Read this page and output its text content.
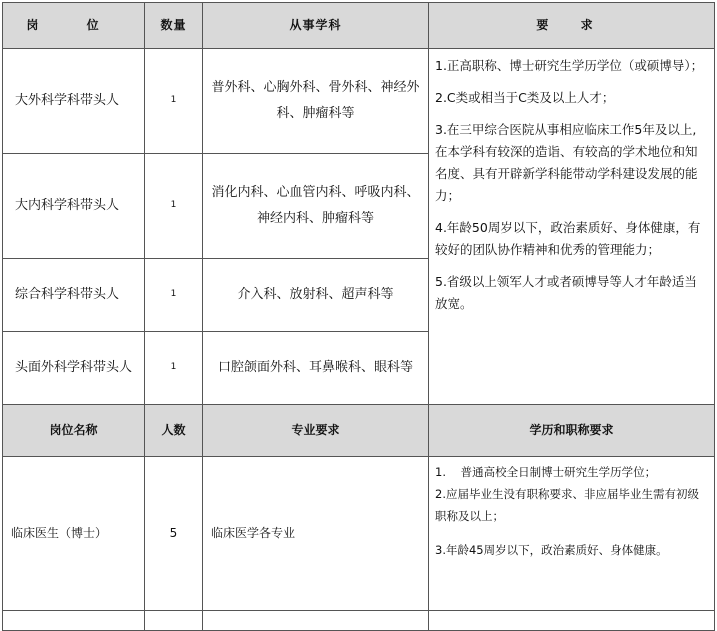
岗 位	数量	从事学科	要 求
大外科学科带头人	1	普外科、心胸外科、骨外科、神经外科、肿瘤科等	1.正高职称、博士研究生学历学位（或硕博导）；

2.C类或相当于C类及以上人才；

3.在三甲综合医院从事相应临床工作5年及以上,在本学科有较深的造诣、有较高的学术地位和知名度、具有开辟新学科能带动学科建设发展的能力；

4.年龄50周岁以下，政治素质好、身体健康，有较好的团队协作精神和优秀的管理能力；

5.省级以上领军人才或者硕博导等人才年龄适当放宽。

大内科学科带头人	1	消化内科、心血管内科、呼吸内科、神经内科、肿瘤科等	
综合科学科带头人	1	介入科、放射科、超声科等	
头面外科学科带头人	1	口腔颌面外科、耳鼻喉科、眼科等	
岗位名称	人数	专业要求	学历和职称要求
临床医生（博士）	5	临床医学各专业	1.    普通高校全日制博士研究生学历学位；

2.应届毕业生没有职称要求、非应届毕业生需有初级职称及以上；

3.年龄45周岁以下，政治素质好、身体健康。
